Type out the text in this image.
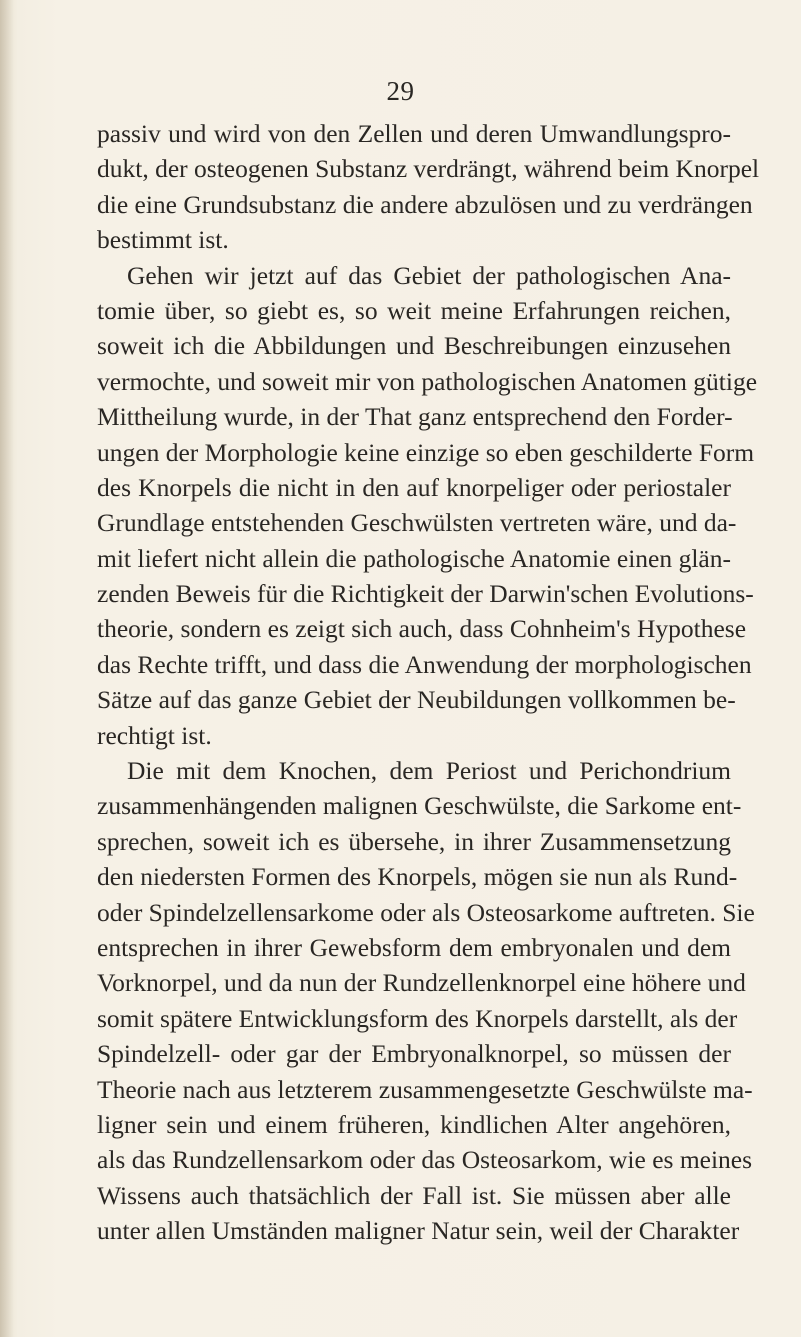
29
passiv und wird von den Zellen und deren Umwandlungspro-
dukt, der osteogenen Substanz verdrängt, während beim Knorpel
die eine Grundsubstanz die andere abzulösen und zu verdrängen
bestimmt ist.
Gehen wir jetzt auf das Gebiet der pathologischen Ana-
tomie über, so giebt es, so weit meine Erfahrungen reichen,
soweit ich die Abbildungen und Beschreibungen einzusehen
vermochte, und soweit mir von pathologischen Anatomen gütige
Mittheilung wurde, in der That ganz entsprechend den Forder-
ungen der Morphologie keine einzige so eben geschilderte Form
des Knorpels die nicht in den auf knorpeliger oder periostaler
Grundlage entstehenden Geschwülsten vertreten wäre, und da-
mit liefert nicht allein die pathologische Anatomie einen glän-
zenden Beweis für die Richtigkeit der Darwin'schen Evolutions-
theorie, sondern es zeigt sich auch, dass Cohnheim's Hypothese
das Rechte trifft, und dass die Anwendung der morphologischen
Sätze auf das ganze Gebiet der Neubildungen vollkommen be-
rechtigt ist.
Die mit dem Knochen, dem Periost und Perichondrium
zusammenhängenden malignen Geschwülste, die Sarkome ent-
sprechen, soweit ich es übersehe, in ihrer Zusammensetzung
den niedersten Formen des Knorpels, mögen sie nun als Rund-
oder Spindelzellensarkome oder als Osteosarkome auftreten. Sie
entsprechen in ihrer Gewebsform dem embryonalen und dem
Vorknorpel, und da nun der Rundzellenknorpel eine höhere und
somit spätere Entwicklungsform des Knorpels darstellt, als der
Spindelzell- oder gar der Embryonalknorpel, so müssen der
Theorie nach aus letzterem zusammengesetzte Geschwülste ma-
ligner sein und einem früheren, kindlichen Alter angehören,
als das Rundzellensarkom oder das Osteosarkom, wie es meines
Wissens auch thatsächlich der Fall ist. Sie müssen aber alle
unter allen Umständen maligner Natur sein, weil der Charakter
